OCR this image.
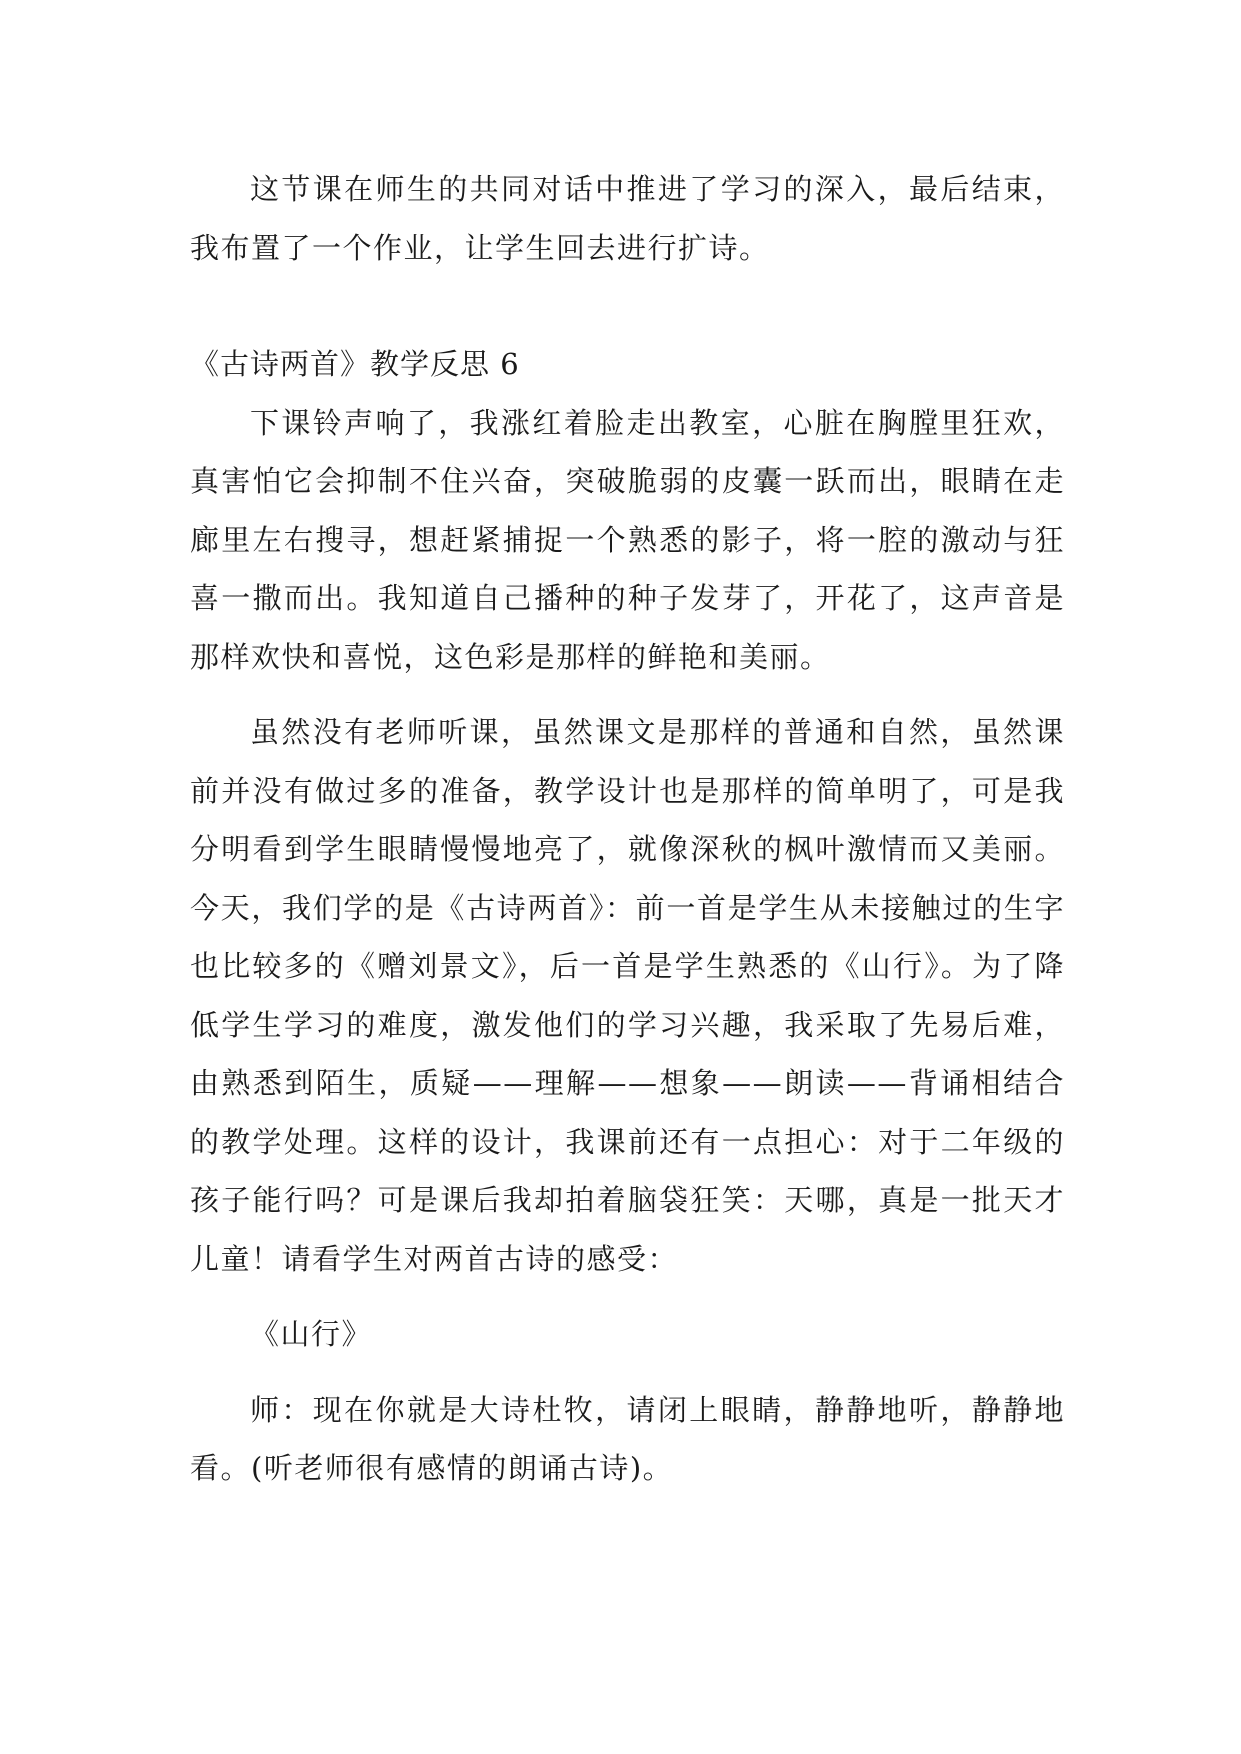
这节课在师生的共同对话中推进了学习的深入，最后结束，我布置了一个作业，让学生回去进行扩诗。

《古诗两首》教学反思 6

下课铃声响了，我涨红着脸走出教室，心脏在胸膛里狂欢，真害怕它会抑制不住兴奋，突破脆弱的皮囊一跃而出，眼睛在走廊里左右搜寻，想赶紧捕捉一个熟悉的影子，将一腔的激动与狂喜一撒而出。我知道自己播种的种子发芽了，开花了，这声音是那样欢快和喜悦，这色彩是那样的鲜艳和美丽。

虽然没有老师听课，虽然课文是那样的普通和自然，虽然课前并没有做过多的准备，教学设计也是那样的简单明了，可是我分明看到学生眼睛慢慢地亮了，就像深秋的枫叶激情而又美丽。今天，我们学的是《古诗两首》：前一首是学生从未接触过的生字也比较多的《赠刘景文》，后一首是学生熟悉的《山行》。为了降低学生学习的难度，激发他们的学习兴趣，我采取了先易后难，由熟悉到陌生，质疑——理解——想象——朗读——背诵相结合的教学处理。这样的设计，我课前还有一点担心：对于二年级的孩子能行吗？可是课后我却拍着脑袋狂笑：天哪，真是一批天才儿童！请看学生对两首古诗的感受：

《山行》

师：现在你就是大诗杜牧，请闭上眼睛，静静地听，静静地看。(听老师很有感情的朗诵古诗)。
